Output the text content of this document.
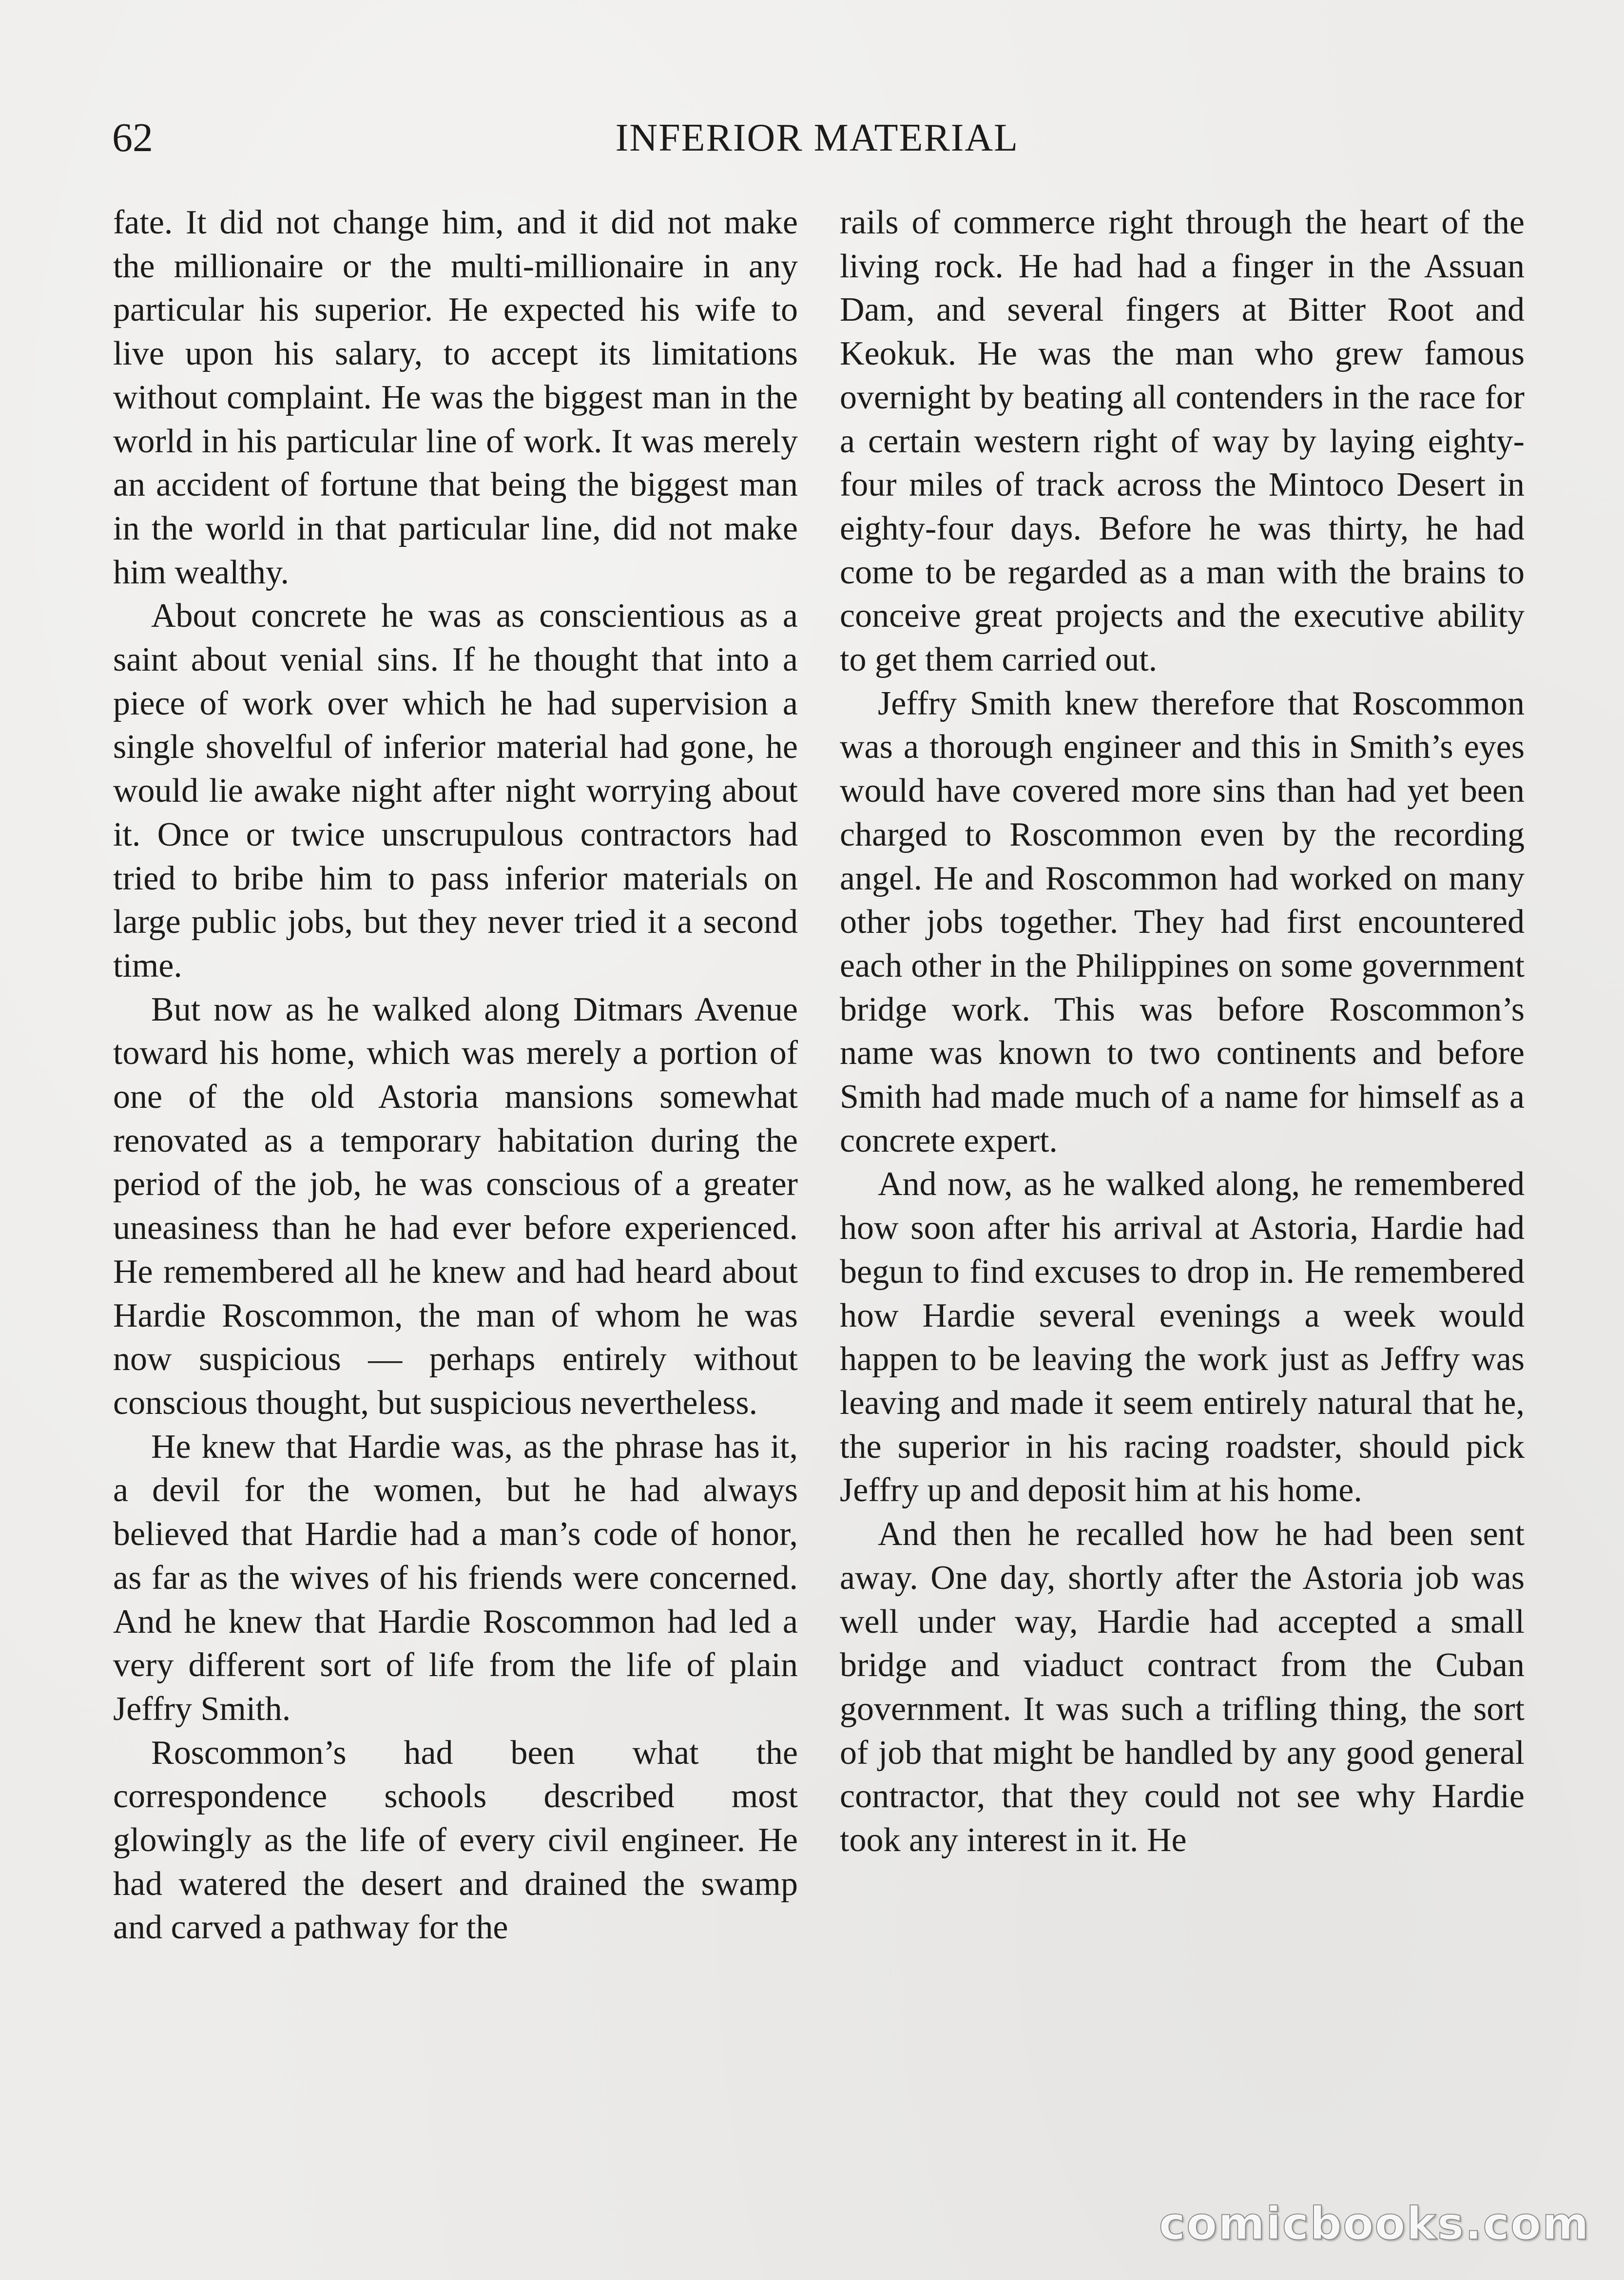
62	INFERIOR MATERIAL

fate. It did not change him, and it did not make the millionaire or the multi-millionaire in any particular his superior. He expected his wife to live upon his salary, to accept its limitations without complaint. He was the biggest man in the world in his particular line of work. It was merely an accident of fortune that being the biggest man in the world in that particular line, did not make him wealthy.

About concrete he was as conscientious as a saint about venial sins. If he thought that into a piece of work over which he had supervision a single shovelful of inferior material had gone, he would lie awake night after night worrying about it. Once or twice unscrupulous contractors had tried to bribe him to pass inferior materials on large public jobs, but they never tried it a second time.

But now as he walked along Ditmars Avenue toward his home, which was merely a portion of one of the old Astoria mansions somewhat renovated as a temporary habitation during the period of the job, he was conscious of a greater uneasiness than he had ever before experienced. He remembered all he knew and had heard about Hardie Roscommon, the man of whom he was now suspicious — perhaps entirely without conscious thought, but suspicious nevertheless.

He knew that Hardie was, as the phrase has it, a devil for the women, but he had always believed that Hardie had a man’s code of honor, as far as the wives of his friends were concerned. And he knew that Hardie Roscommon had led a very different sort of life from the life of plain Jeffry Smith.

Roscommon’s had been what the correspondence schools described most glowingly as the life of every civil engineer. He had watered the desert and drained the swamp and carved a pathway for the

rails of commerce right through the heart of the living rock. He had had a finger in the Assuan Dam, and several fingers at Bitter Root and Keokuk. He was the man who grew famous overnight by beating all contenders in the race for a certain western right of way by laying eighty-four miles of track across the Mintoco Desert in eighty-four days. Before he was thirty, he had come to be regarded as a man with the brains to conceive great projects and the executive ability to get them carried out.

Jeffry Smith knew therefore that Roscommon was a thorough engineer and this in Smith’s eyes would have covered more sins than had yet been charged to Roscommon even by the recording angel. He and Roscommon had worked on many other jobs together. They had first encountered each other in the Philippines on some government bridge work. This was before Roscommon’s name was known to two continents and before Smith had made much of a name for himself as a concrete expert.

And now, as he walked along, he remembered how soon after his arrival at Astoria, Hardie had begun to find excuses to drop in. He remembered how Hardie several evenings a week would happen to be leaving the work just as Jeffry was leaving and made it seem entirely natural that he, the superior in his racing roadster, should pick Jeffry up and deposit him at his home.

And then he recalled how he had been sent away. One day, shortly after the Astoria job was well under way, Hardie had accepted a small bridge and viaduct contract from the Cuban government. It was such a trifling thing, the sort of job that might be handled by any good general contractor, that they could not see why Hardie took any interest in it. He

comicbooks.com
